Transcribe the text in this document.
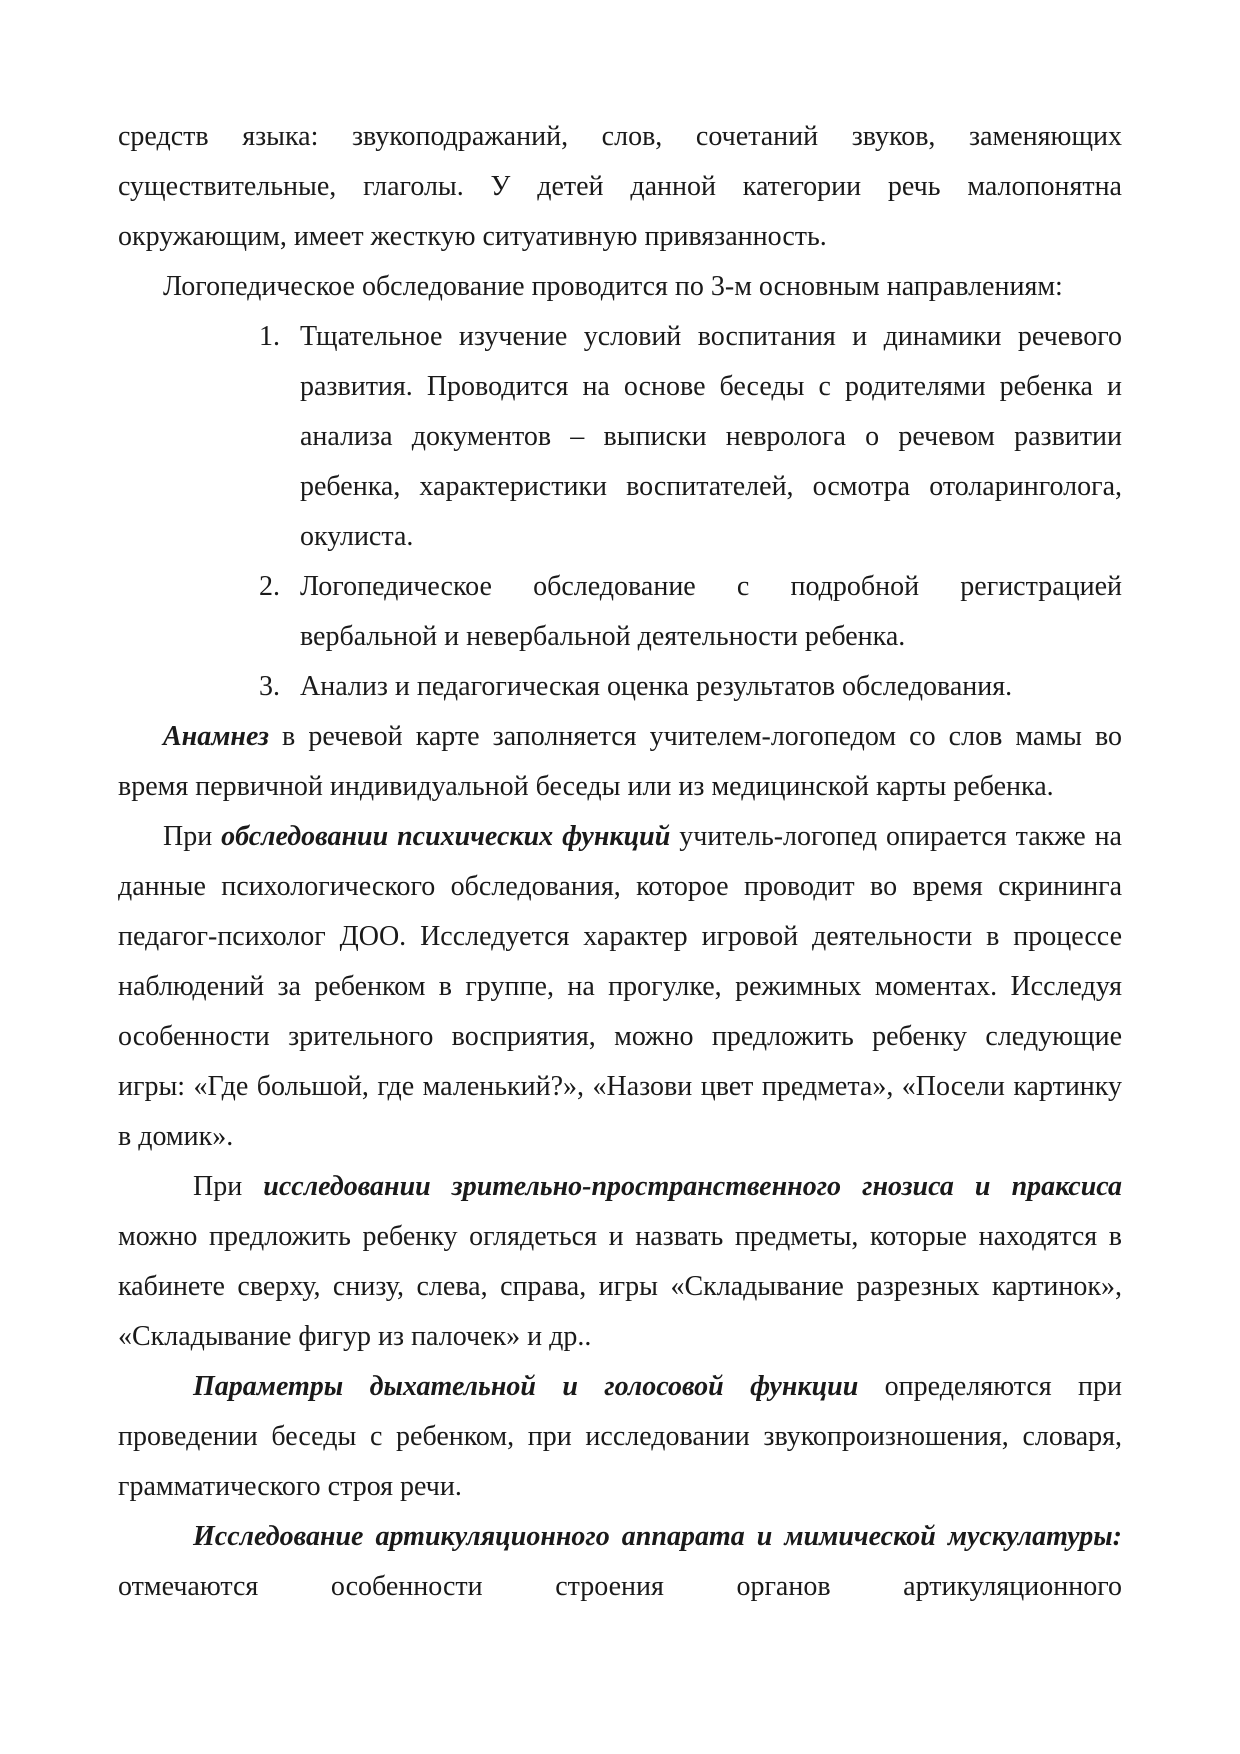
средств языка: звукоподражаний, слов, сочетаний звуков, заменяющих существительные, глаголы. У детей данной категории речь малопонятна окружающим, имеет жесткую ситуативную привязанность.

Логопедическое обследование проводится по 3-м основным направлениям:

1. Тщательное изучение условий воспитания и динамики речевого развития. Проводится на основе беседы с родителями ребенка и анализа документов – выписки невролога о речевом развитии ребенка, характеристики воспитателей, осмотра отоларинголога, окулиста.
2. Логопедическое обследование с подробной регистрацией вербальной и невербальной деятельности ребенка.
3. Анализ и педагогическая оценка результатов обследования.

Анамнез в речевой карте заполняется учителем-логопедом со слов мамы во время первичной индивидуальной беседы или из медицинской карты ребенка.

При обследовании психических функций учитель-логопед опирается также на данные психологического обследования, которое проводит во время скрининга педагог-психолог ДОО. Исследуется характер игровой деятельности в процессе наблюдений за ребенком в группе, на прогулке, режимных моментах. Исследуя особенности зрительного восприятия, можно предложить ребенку следующие игры: «Где большой, где маленький?», «Назови цвет предмета», «Посели картинку в домик».

При исследовании зрительно-пространственного гнозиса и праксиса можно предложить ребенку оглядеться и назвать предметы, которые находятся в кабинете сверху, снизу, слева, справа, игры «Складывание разрезных картинок», «Складывание фигур из палочек» и др..

Параметры дыхательной и голосовой функции определяются при проведении беседы с ребенком, при исследовании звукопроизношения, словаря, грамматического строя речи.

Исследование артикуляционного аппарата и мимической мускулатуры: отмечаются особенности строения органов артикуляционного
